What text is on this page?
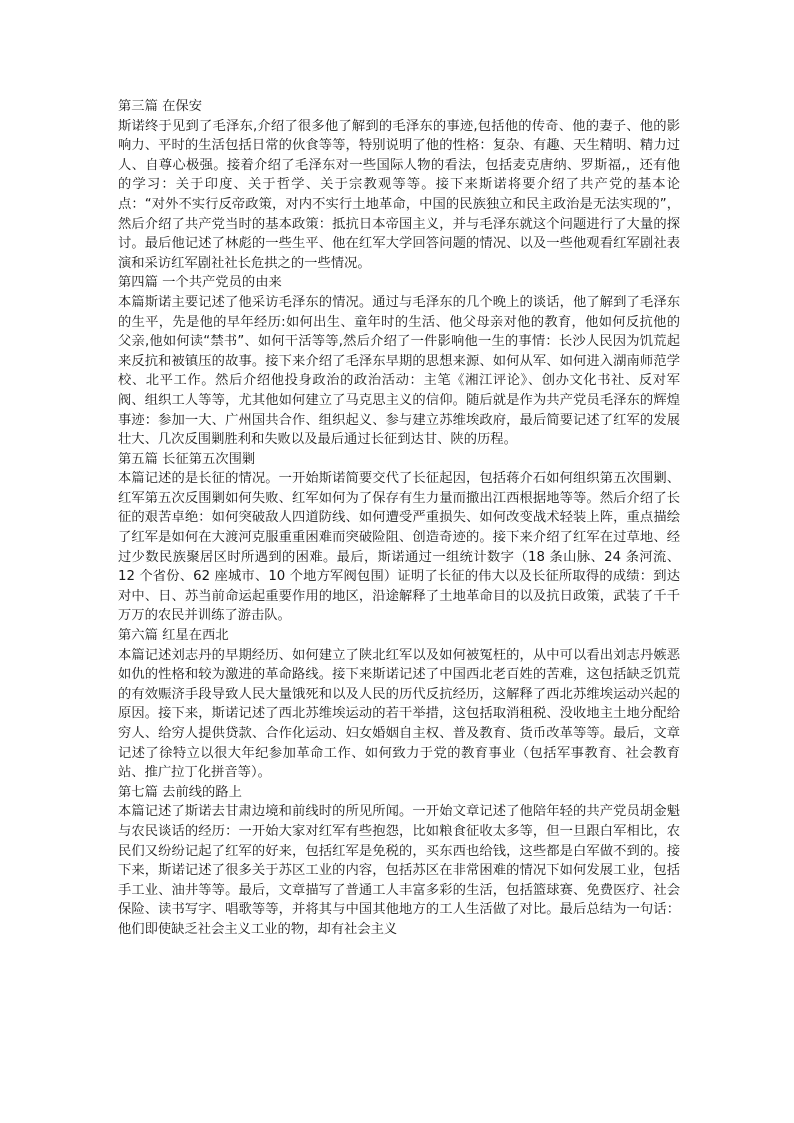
第三篇 在保安

斯诺终于见到了毛泽东,介绍了很多他了解到的毛泽东的事迹,包括他的传奇、他的妻子、他的影响力、平时的生活包括日常的伙食等等，特别说明了他的性格：复杂、有趣、天生精明、精力过人、自尊心极强。接着介绍了毛泽东对一些国际人物的看法，包括麦克唐纳、罗斯福,，还有他的学习：关于印度、关于哲学、关于宗教观等等。接下来斯诺将要介绍了共产党的基本论点：“对外不实行反帝政策，对内不实行土地革命，中国的民族独立和民主政治是无法实现的”，然后介绍了共产党当时的基本政策：抵抗日本帝国主义，并与毛泽东就这个问题进行了大量的探讨。最后他记述了林彪的一些生平、他在红军大学回答问题的情况、以及一些他观看红军剧社表演和采访红军剧社社长危拱之的一些情况。

第四篇 一个共产党员的由来

本篇斯诺主要记述了他采访毛泽东的情况。通过与毛泽东的几个晚上的谈话，他了解到了毛泽东的生平，先是他的早年经历:如何出生、童年时的生活、他父母亲对他的教育，他如何反抗他的父亲,他如何读“禁书”、如何干活等等,然后介绍了一件影响他一生的事情：长沙人民因为饥荒起来反抗和被镇压的故事。接下来介绍了毛泽东早期的思想来源、如何从军、如何进入湖南师范学校、北平工作。然后介绍他投身政治的政治活动：主笔《湘江评论》、创办文化书社、反对军阀、组织工人等等，尤其他如何建立了马克思主义的信仰。随后就是作为共产党员毛泽东的辉煌事迹：参加一大、广州国共合作、组织起义、参与建立苏维埃政府，最后简要记述了红军的发展壮大、几次反围剿胜利和失败以及最后通过长征到达甘、陕的历程。

第五篇 长征第五次围剿

本篇记述的是长征的情况。一开始斯诺简要交代了长征起因，包括蒋介石如何组织第五次围剿、红军第五次反围剿如何失败、红军如何为了保存有生力量而撤出江西根据地等等。然后介绍了长征的艰苦卓绝：如何突破敌人四道防线、如何遭受严重损失、如何改变战术轻装上阵，重点描绘了红军是如何在大渡河克服重重困难而突破险阻、创造奇迹的。接下来介绍了红军在过草地、经过少数民族聚居区时所遇到的困难。最后，斯诺通过一组统计数字（18 条山脉、24 条河流、12 个省份、62 座城市、10 个地方军阀包围）证明了长征的伟大以及长征所取得的成绩：到达对中、日、苏当前命运起重要作用的地区，沿途解释了土地革命目的以及抗日政策，武装了千千万万的农民并训练了游击队。

第六篇 红星在西北

本篇记述刘志丹的早期经历、如何建立了陕北红军以及如何被冤枉的，从中可以看出刘志丹嫉恶如仇的性格和较为激进的革命路线。接下来斯诺记述了中国西北老百姓的苦难，这包括缺乏饥荒的有效赈济手段导致人民大量饿死和以及人民的历代反抗经历，这解释了西北苏维埃运动兴起的原因。接下来，斯诺记述了西北苏维埃运动的若干举措，这包括取消租税、没收地主土地分配给穷人、给穷人提供贷款、合作化运动、妇女婚姻自主权、普及教育、货币改革等等。最后，文章记述了徐特立以很大年纪参加革命工作、如何致力于党的教育事业（包括军事教育、社会教育站、推广拉丁化拼音等）。

第七篇 去前线的路上

本篇记述了斯诺去甘肃边境和前线时的所见所闻。一开始文章记述了他陪年轻的共产党员胡金魁与农民谈话的经历：一开始大家对红军有些抱怨，比如粮食征收太多等，但一旦跟白军相比，农民们又纷纷记起了红军的好来，包括红军是免税的，买东西也给钱，这些都是白军做不到的。接下来，斯诺记述了很多关于苏区工业的内容，包括苏区在非常困难的情况下如何发展工业，包括手工业、油井等等。最后，文章描写了普通工人丰富多彩的生活，包括篮球赛、免费医疗、社会保险、读书写字、唱歌等等，并将其与中国其他地方的工人生活做了对比。最后总结为一句话：他们即使缺乏社会主义工业的物，却有社会主义
